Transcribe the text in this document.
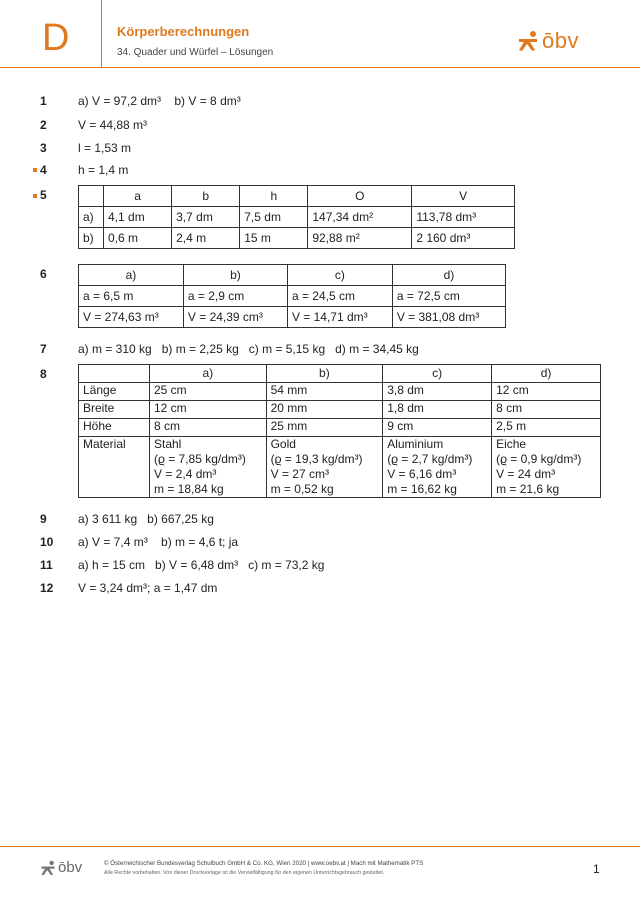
D	Körperberechnungen
34. Quader und Würfel – Lösungen	ōbv
1	a) V = 97,2 dm³    b) V = 8 dm³
2	V = 44,88 m³
3	l = 1,53 m
4	h = 1,4 m
5
		a	b	h	O	V
a)	4,1 dm	3,7 dm	7,5 dm	147,34 dm²	113,78 dm³
b)	0,6 m	2,4 m	15 m	92,88 m²	2 160 dm³
6	a)	b)	c)	d)
a = 6,5 m	a = 2,9 cm	a = 24,5 cm	a = 72,5 cm
V = 274,63 m³	V = 24,39 cm³	V = 14,71 dm³	V = 381,08 dm³
7	a) m = 310 kg   b) m = 2,25 kg   c) m = 5,15 kg   d) m = 34,45 kg
8
		a)	b)	c)	d)
Länge	25 cm	54 mm	3,8 dm	12 cm
Breite	12 cm	20 mm	1,8 dm	8 cm
Höhe	8 cm	25 mm	9 cm	2,5 m
Material	Stahl
(ϱ = 7,85 kg/dm³)
V = 2,4 dm³
m = 18,84 kg	Gold
(ϱ = 19,3 kg/dm³)
V = 27 cm³
m = 0,52 kg	Aluminium
(ϱ = 2,7 kg/dm³)
V = 6,16 dm³
m = 16,62 kg	Eiche
(ϱ = 0,9 kg/dm³)
V = 24 dm³
m = 21,6 kg
9	a) 3 611 kg   b) 667,25 kg
10 a) V = 7,4 m³    b) m = 4,6 t; ja
11 a) h = 15 cm   b) V = 6,48 dm³   c) m = 73,2 kg
12 V = 3,24 dm³; a = 1,47 dm
ōbv	© Österreichischer Bundesverlag Schulbuch GmbH & Co. KG, Wien 2020 | www.oebv.at | Mach mit Mathematik PTS
Alle Rechte vorbehalten. Von dieser Druckvorlage ist die Vervielfältigung für den eigenen Unterrichtsgebrauch gestattet.	1
